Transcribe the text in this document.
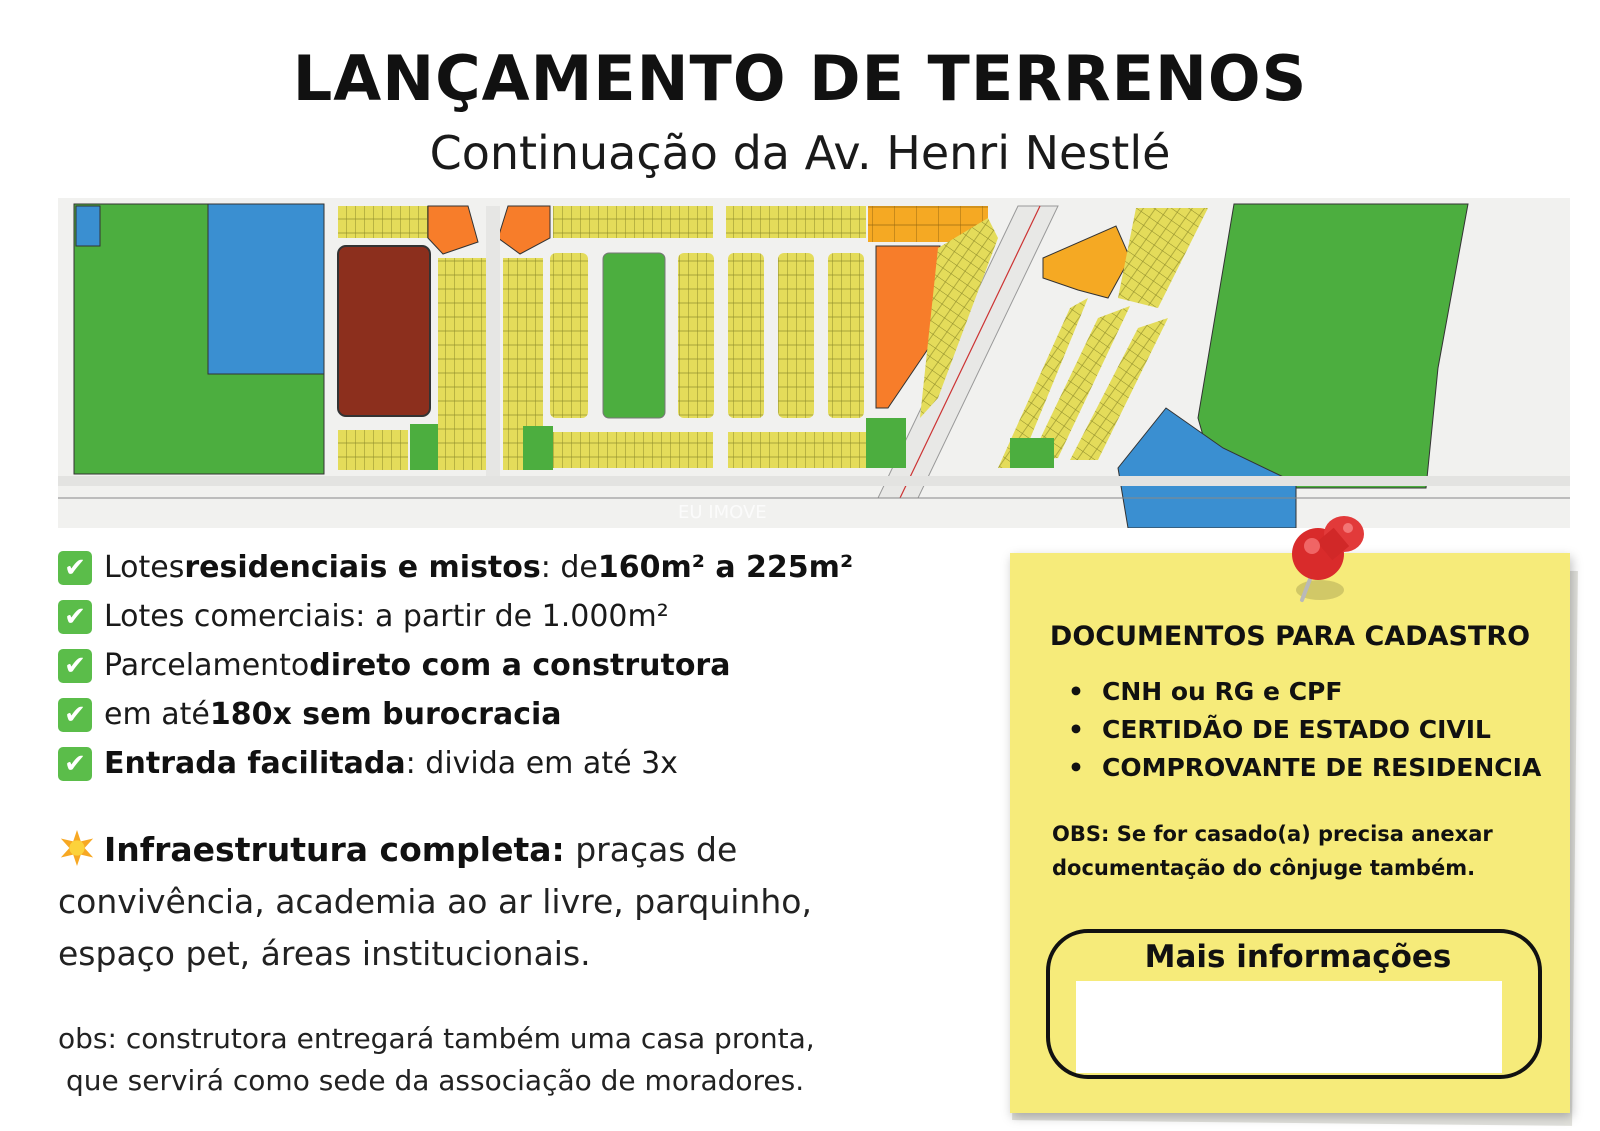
LANÇAMENTO DE TERRENOS
Continuação da Av. Henri Nestlé
EU IMOVE
✔ Lotes residenciais e mistos : de 160m² a 225m²
✔ Lotes comerciais: a partir de 1.000m²
✔ Parcelamento direto com a construtora
✔ em até 180x sem burocracia
✔ Entrada facilitada : divida em até 3x
Infraestrutura completa: praças de convivência, academia ao ar livre, parquinho, espaço pet, áreas institucionais.
obs: construtora entregará também uma casa pronta,
que servirá como sede da associação de moradores.
DOCUMENTOS PARA CADASTRO
• CNH ou RG e CPF
• CERTIDÃO DE ESTADO CIVIL
• COMPROVANTE DE RESIDENCIA
OBS: Se for casado(a) precisa anexar documentação do cônjuge também.
Mais informações
